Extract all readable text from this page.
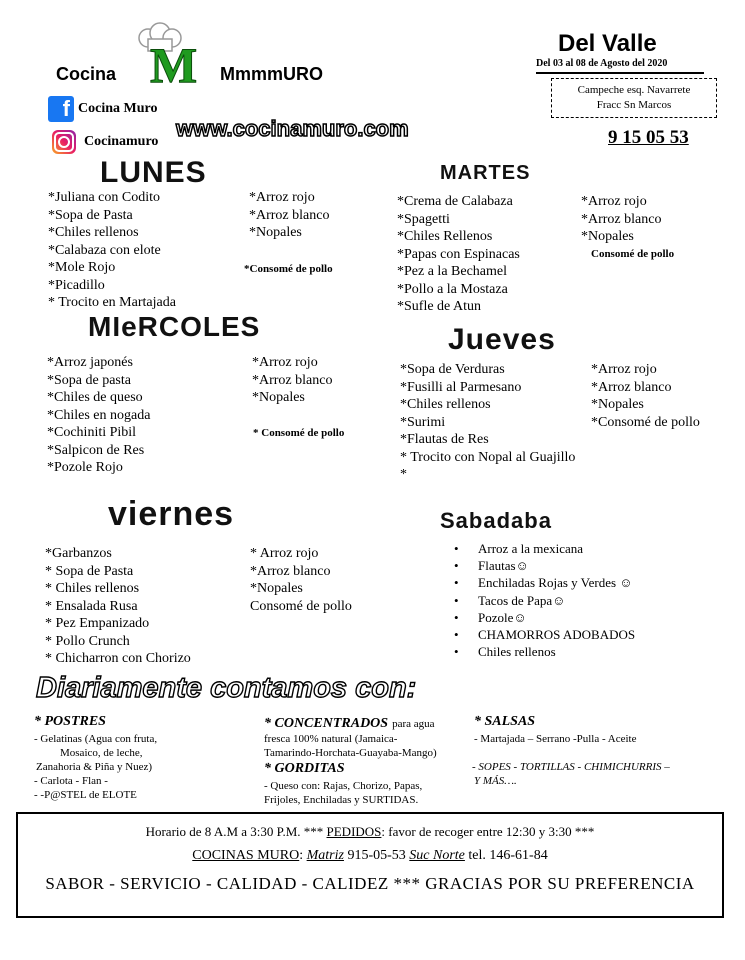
Cocina M MmmmURO
f Cocina Muro
Cocinamuro
www.cocinamuro.com
Del Valle
Del 03 al 08 de Agosto del 2020
Campeche esq. Navarrete
Fracc Sn Marcos
9 15 05 53
LUNES
*Juliana con Codito
*Sopa de Pasta
*Chiles rellenos
*Calabaza con elote
*Mole Rojo
*Picadillo
* Trocito en Martajada
*Arroz rojo
*Arroz blanco
*Nopales
*Consomé de pollo
MARTES
*Crema de Calabaza
*Spagetti
*Chiles Rellenos
*Papas con Espinacas
*Pez a la Bechamel
*Pollo a la Mostaza
*Sufle de Atun
*Arroz rojo
*Arroz blanco
*Nopales
Consomé de pollo
MIeRCOLES
*Arroz japonés
*Sopa de pasta
*Chiles de queso
*Chiles en nogada
*Cochiniti Pibil
*Salpicon de Res
*Pozole Rojo
*Arroz rojo
*Arroz blanco
*Nopales
* Consomé de pollo
Jueves
*Sopa de Verduras
*Fusilli al Parmesano
*Chiles rellenos
*Surimi
*Flautas de Res
* Trocito con Nopal al Guajillo
*
*Arroz rojo
*Arroz blanco
*Nopales
*Consomé de pollo
viernes
*Garbanzos
* Sopa de Pasta
* Chiles rellenos
* Ensalada Rusa
* Pez Empanizado
* Pollo Crunch
* Chicharron con Chorizo
* Arroz rojo
*Arroz blanco
*Nopales
Consomé de pollo
Sabadaba
• Arroz a la mexicana
• Flautas☺
• Enchiladas Rojas y Verdes ☺
• Tacos de Papa☺
• Pozole☺
• CHAMORROS ADOBADOS
• Chiles rellenos
Diariamente contamos con:
* POSTRES
- Gelatinas (Agua con fruta,
Mosaico, de leche,
Zanahoria & Piña y Nuez)
- Carlota - Flan -
- -P@STEL de ELOTE
* CONCENTRADOS para agua
fresca 100% natural (Jamaica-
Tamarindo-Horchata-Guayaba-Mango)
* GORDITAS
- Queso con: Rajas, Chorizo, Papas,
Frijoles, Enchiladas y SURTIDAS.
* SALSAS
- Martajada – Serrano -Pulla - Aceite
- SOPES - TORTILLAS - CHIMICHURRIS –
Y MÁS….
Horario de 8 A.M a 3:30 P.M. *** PEDIDOS: favor de recoger entre 12:30 y 3:30 ***
COCINAS MURO: Matriz 915-05-53 Suc Norte tel. 146-61-84
SABOR - SERVICIO - CALIDAD - CALIDEZ *** GRACIAS POR SU PREFERENCIA
